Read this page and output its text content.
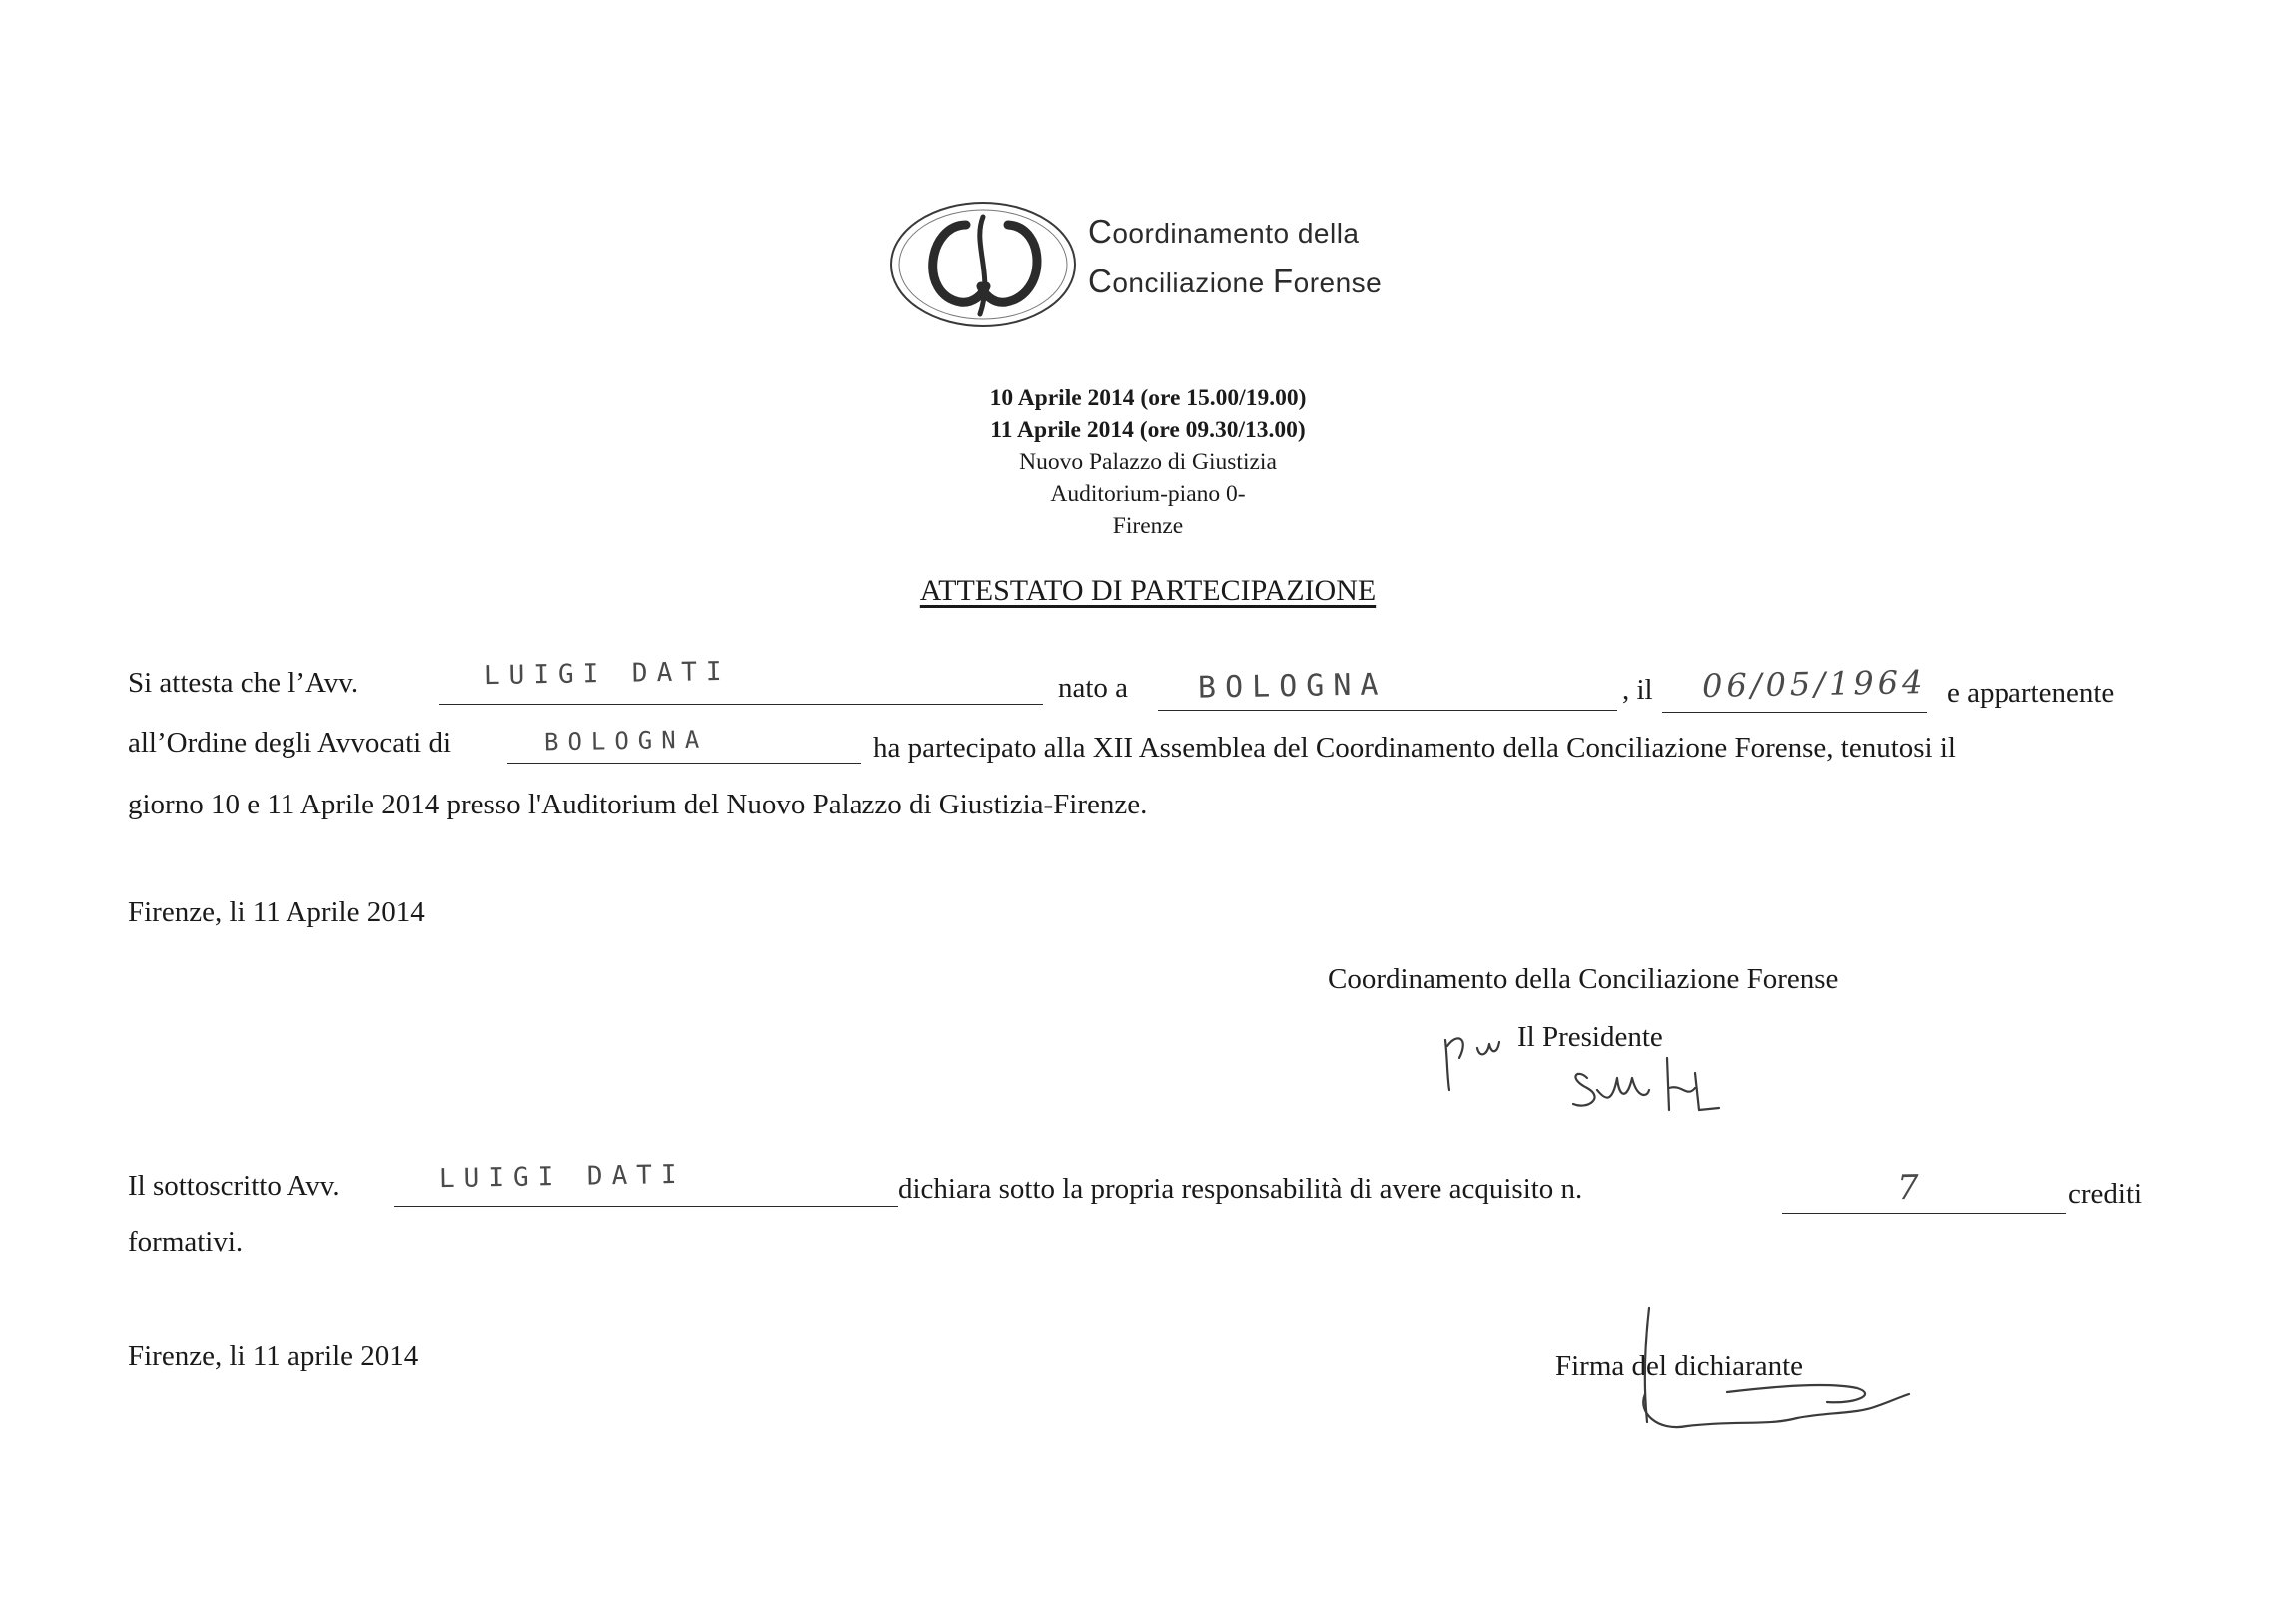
Coordinamento della
Conciliazione Forense
10 Aprile 2014 (ore 15.00/19.00)
11 Aprile 2014 (ore 09.30/13.00)
Nuovo Palazzo di Giustizia
Auditorium-piano 0-
Firenze
ATTESTATO DI PARTECIPAZIONE
Si attesta che l’Avv.	LUIGI DATI	nato a BOLOGNA	, il 06/05/1964 e appartenente
all’Ordine degli Avvocati di	BOLOGNA	ha partecipato alla XII Assemblea del Coordinamento della Conciliazione Forense, tenutosi il
giorno 10 e 11 Aprile 2014 presso l'Auditorium del Nuovo Palazzo di Giustizia-Firenze.
Firenze, li 11 Aprile 2014
Coordinamento della Conciliazione Forense
Il Presidente
Il sottoscritto Avv.	LUIGI DATI	dichiara sotto la propria responsabilità di avere acquisito n.	7	crediti
formativi.
Firenze, li 11 aprile 2014	Firma del dichiarante
